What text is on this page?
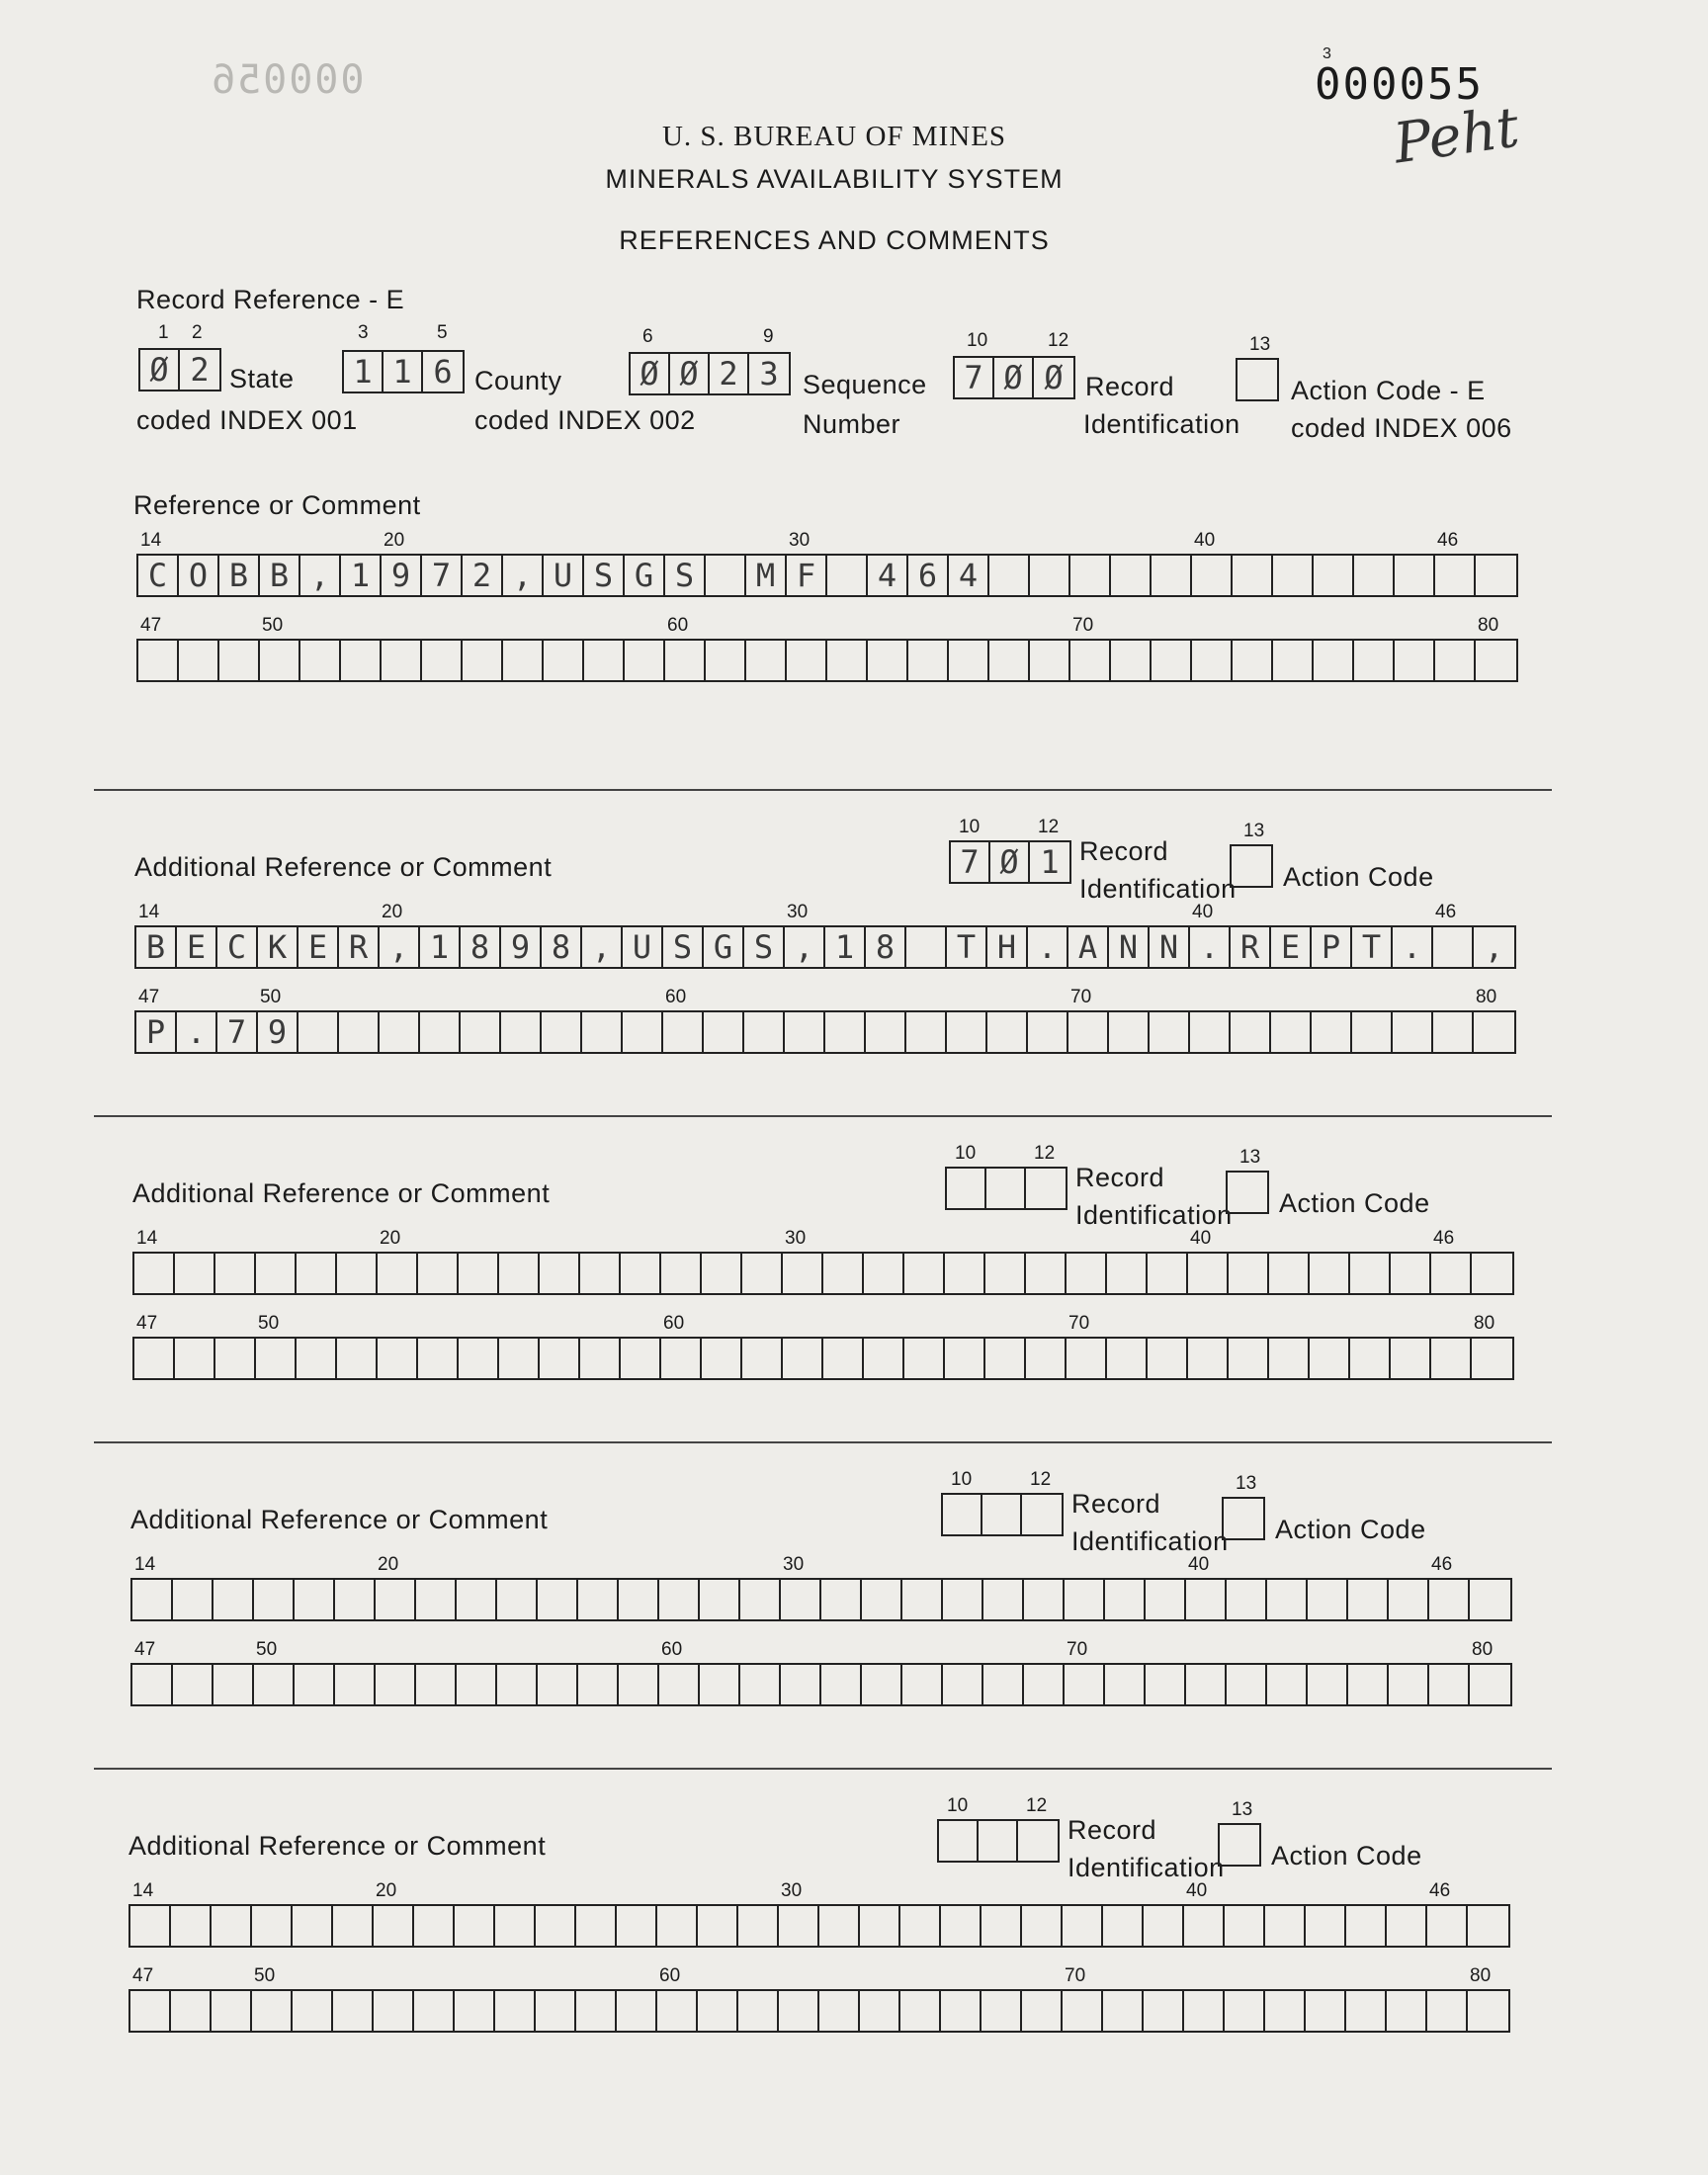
000056
3
000055
Peht
U. S. BUREAU OF MINES
MINERALS AVAILABILITY SYSTEM
REFERENCES AND COMMENTS
Record Reference - E
1 2
Ø 2 State
coded INDEX 001
3	5
1 1 6 County
coded INDEX 002
6	9
Ø Ø 2 3 Sequence
Number
10	12
7 Ø Ø Record
Identification
13
Action Code - E
coded INDEX 006
Reference or Comment
14	20	30	40	46
C O B B , 1 9 7 2 , U S G S	M F	4 6 4
47	50	60	70	80
Additional Reference or Comment
10	12
7 Ø 1 Record
Identification
13
Action Code
14	20	30	40	46
B E C K E R , 1 8 9 8 , U S G S , 1 8	T H . A N N . R E P T .	,
47	50	60	70	80
P . 7 9
Additional Reference or Comment
10	12
Record
Identification
13
Action Code
14	20	30	40	46
47	50	60	70	80
Additional Reference or Comment
10	12
Record
Identification
13
Action Code
14	20	30	40	46
47	50	60	70	80
Additional Reference or Comment
10	12
Record
Identification
13
Action Code
14	20	30	40	46
47	50	60	70	80
